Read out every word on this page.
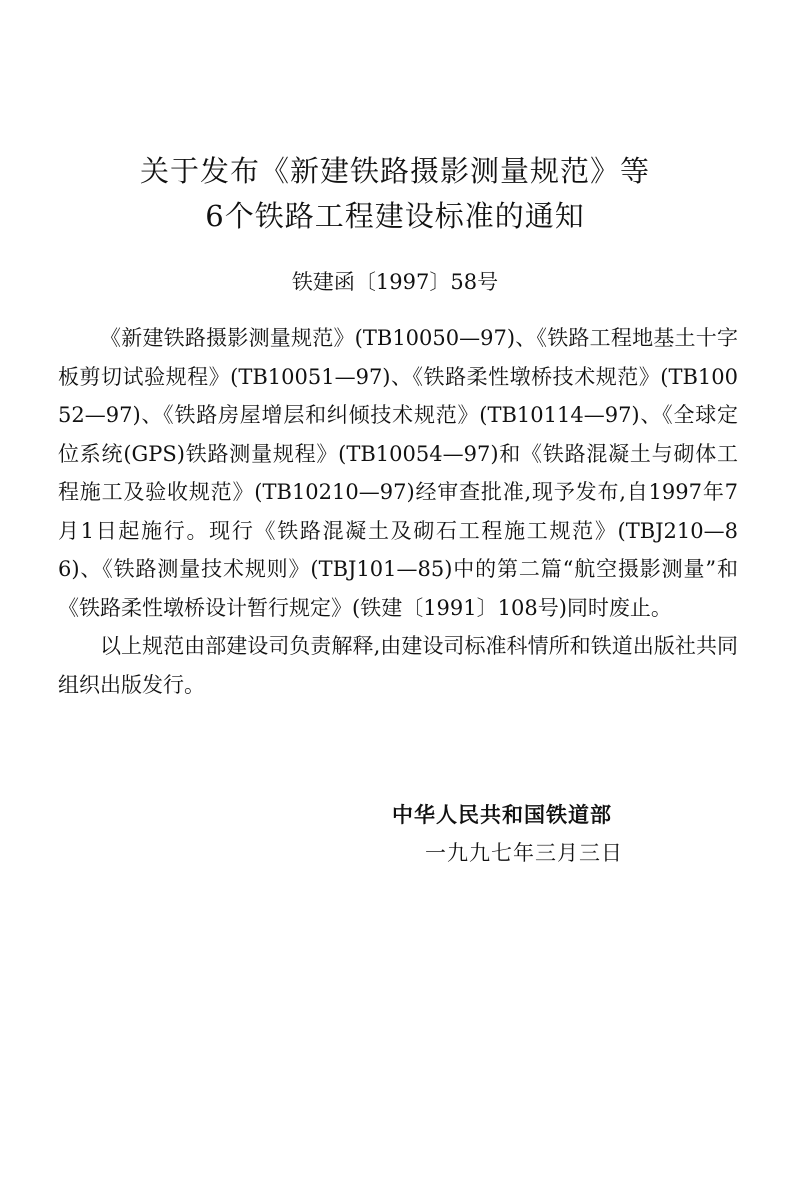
关于发布《新建铁路摄影测量规范》等
6个铁路工程建设标准的通知
铁建函〔1997〕58号

《新建铁路摄影测量规范》(TB10050—97)、《铁路工程地基土十字板剪切试验规程》(TB10051—97)、《铁路柔性墩桥技术规范》(TB10052—97)、《铁路房屋增层和纠倾技术规范》(TB10114—97)、《全球定位系统(GPS)铁路测量规程》(TB10054—97)和《铁路混凝土与砌体工程施工及验收规范》(TB10210—97)经审查批准,现予发布,自1997年7月1日起施行。现行《铁路混凝土及砌石工程施工规范》(TBJ210—86)、《铁路测量技术规则》(TBJ101—85)中的第二篇“航空摄影测量”和《铁路柔性墩桥设计暂行规定》(铁建〔1991〕108号)同时废止。

以上规范由部建设司负责解释,由建设司标准科情所和铁道出版社共同组织出版发行。

中华人民共和国铁道部
一九九七年三月三日
